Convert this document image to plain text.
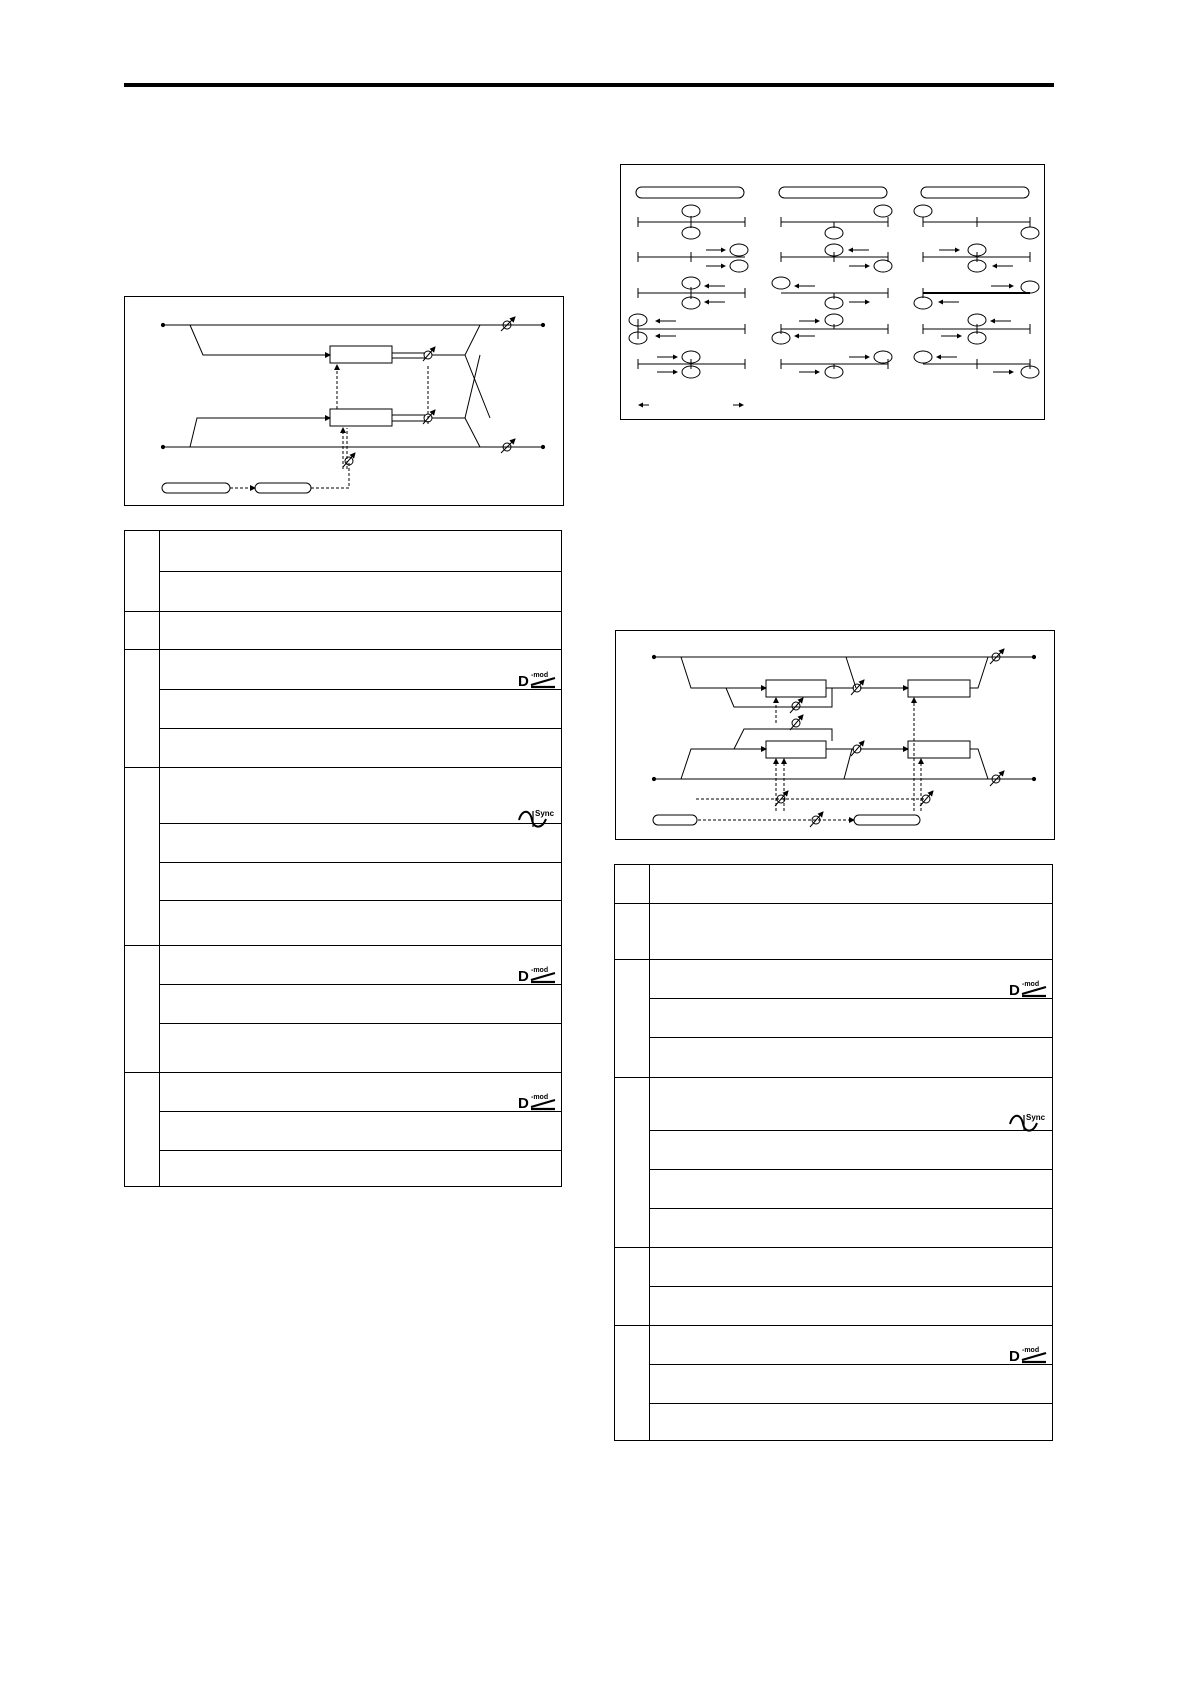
D -mod
Sync
D -mod
D -mod
D -mod
Sync
D -mod
